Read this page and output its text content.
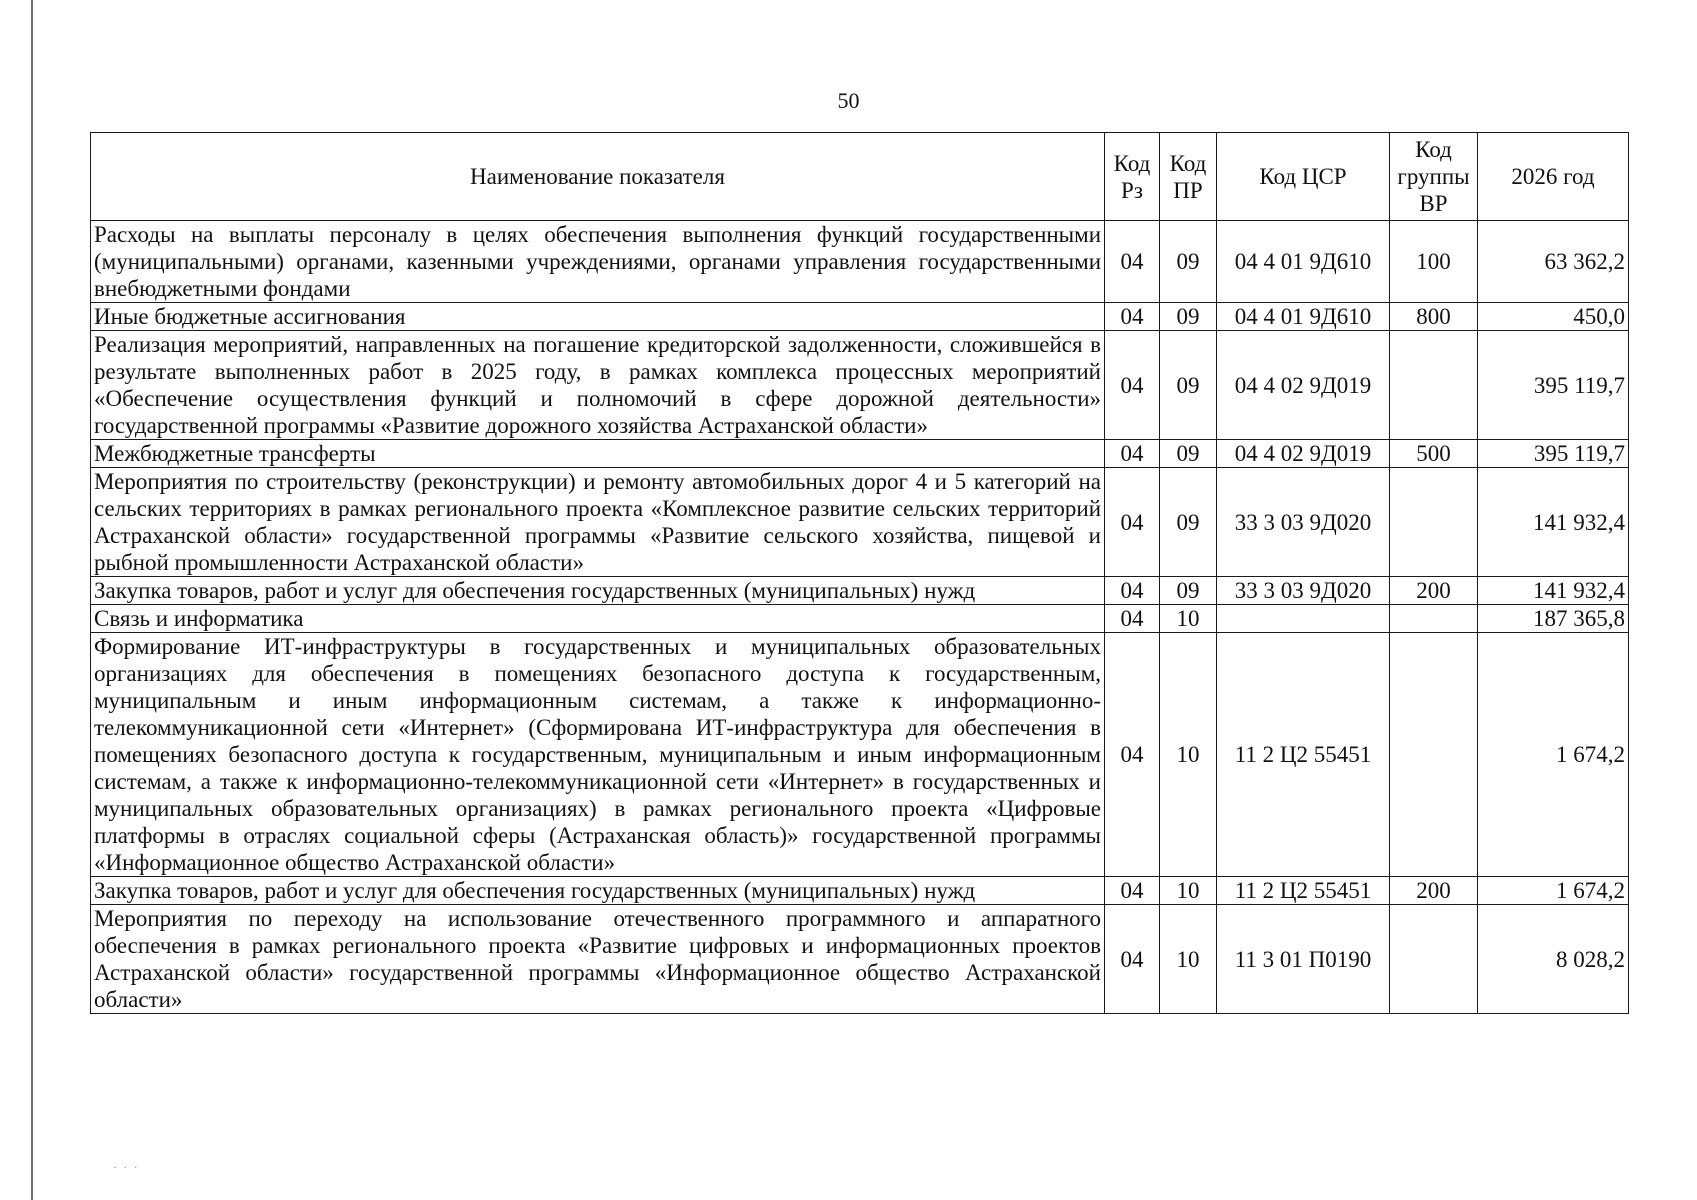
50
Наименование показателя	Код Рз	Код ПР	Код ЦСР	Код группы ВР	2026 год
Расходы на выплаты персоналу в целях обеспечения выполнения функций государственными (муниципальными) органами, казенными учреждениями, органами управления государственными внебюджетными фондами	04	09	04 4 01 9Д610	100	63 362,2
Иные бюджетные ассигнования	04	09	04 4 01 9Д610	800	450,0
Реализация мероприятий, направленных на погашение кредиторской задолженности, сложившейся в результате выполненных работ в 2025 году, в рамках комплекса процессных мероприятий «Обеспечение осуществления функций и полномочий в сфере дорожной деятельности» государственной программы «Развитие дорожного хозяйства Астраханской области»	04	09	04 4 02 9Д019		395 119,7
Межбюджетные трансферты	04	09	04 4 02 9Д019	500	395 119,7
Мероприятия по строительству (реконструкции) и ремонту автомобильных дорог 4 и 5 категорий на сельских территориях в рамках регионального проекта «Комплексное развитие сельских территорий Астраханской области» государственной программы «Развитие сельского хозяйства, пищевой и рыбной промышленности Астраханской области»	04	09	33 3 03 9Д020		141 932,4
Закупка товаров, работ и услуг для обеспечения государственных (муниципальных) нужд	04	09	33 3 03 9Д020	200	141 932,4
Связь и информатика	04	10			187 365,8
Формирование ИТ-инфраструктуры в государственных и муниципальных образовательных организациях для обеспечения в помещениях безопасного доступа к государственным, муниципальным и иным информационным системам, а также к информационно-телекоммуникационной сети «Интернет» (Сформирована ИТ-инфраструктура для обеспечения в помещениях безопасного доступа к государственным, муниципальным и иным информационным системам, а также к информационно-телекоммуникационной сети «Интернет» в государственных и муниципальных образовательных организациях) в рамках регионального проекта «Цифровые платформы в отраслях социальной сферы (Астраханская область)» государственной программы «Информационное общество Астраханской области»	04	10	11 2 Ц2 55451		1 674,2
Закупка товаров, работ и услуг для обеспечения государственных (муниципальных) нужд	04	10	11 2 Ц2 55451	200	1 674,2
Мероприятия по переходу на использование отечественного программного и аппаратного обеспечения в рамках регионального проекта «Развитие цифровых и информационных проектов Астраханской области» государственной программы «Информационное общество Астраханской области»	04	10	11 3 01 П0190		8 028,2
· · ·
